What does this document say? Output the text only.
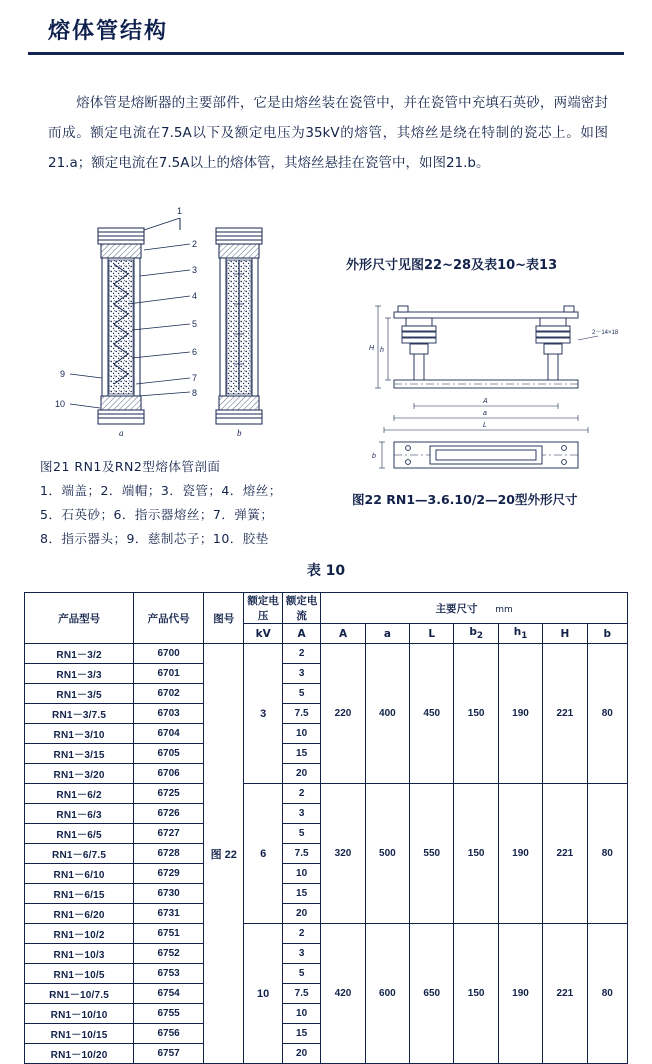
熔体管结构
熔体管是熔断器的主要部件，它是由熔丝装在瓷管中，并在瓷管中充填石英砂，两端密封而成。额定电流在7.5A以下及额定电压为35kV的熔管，其熔丝是绕在特制的瓷芯上。如图21.a；额定电流在7.5A以上的熔体管，其熔丝悬挂在瓷管中，如图21.b。
a	b
1
2
3
4
5
6
7
8
9
10
图21 RN1及RN2型熔体管剖面
1．端盖；2．端帽；3．瓷管；4．熔丝；
5．石英砂；6．指示器熔丝；7．弹簧；
8．指示器头；9．慈制芯子；10．胶垫
外形尺寸见图22~28及表10~表13
2－14×18
H h
A
a
L
b
图22 RN1—3.6.10/2—20型外形尺寸
表 10
产品型号	产品代号	图号	额定电压	额定电流	主要尺寸 mm						
			kV	A	A	a	L	$b_2$	$h_1$	H	b
RN1－3/2	6700	图 22	3	2	220	400	450	150	190	221	80
RN1－3/3	6701			3							
RN1－3/5	6702			5							
RN1－3/7.5	6703			7.5							
RN1－3/10	6704			10							
RN1－3/15	6705			15							
RN1－3/20	6706			20							
RN1－6/2	6725		6	2	320	500	550	150	190	221	80
RN1－6/3	6726			3							
RN1－6/5	6727			5							
RN1－6/7.5	6728			7.5							
RN1－6/10	6729			10							
RN1－6/15	6730			15							
RN1－6/20	6731			20							
RN1－10/2	6751		10	2	420	600	650	150	190	221	80
RN1－10/3	6752			3							
RN1－10/5	6753			5							
RN1－10/7.5	6754			7.5							
RN1－10/10	6755			10							
RN1－10/15	6756			15							
RN1－10/20	6757			20							
